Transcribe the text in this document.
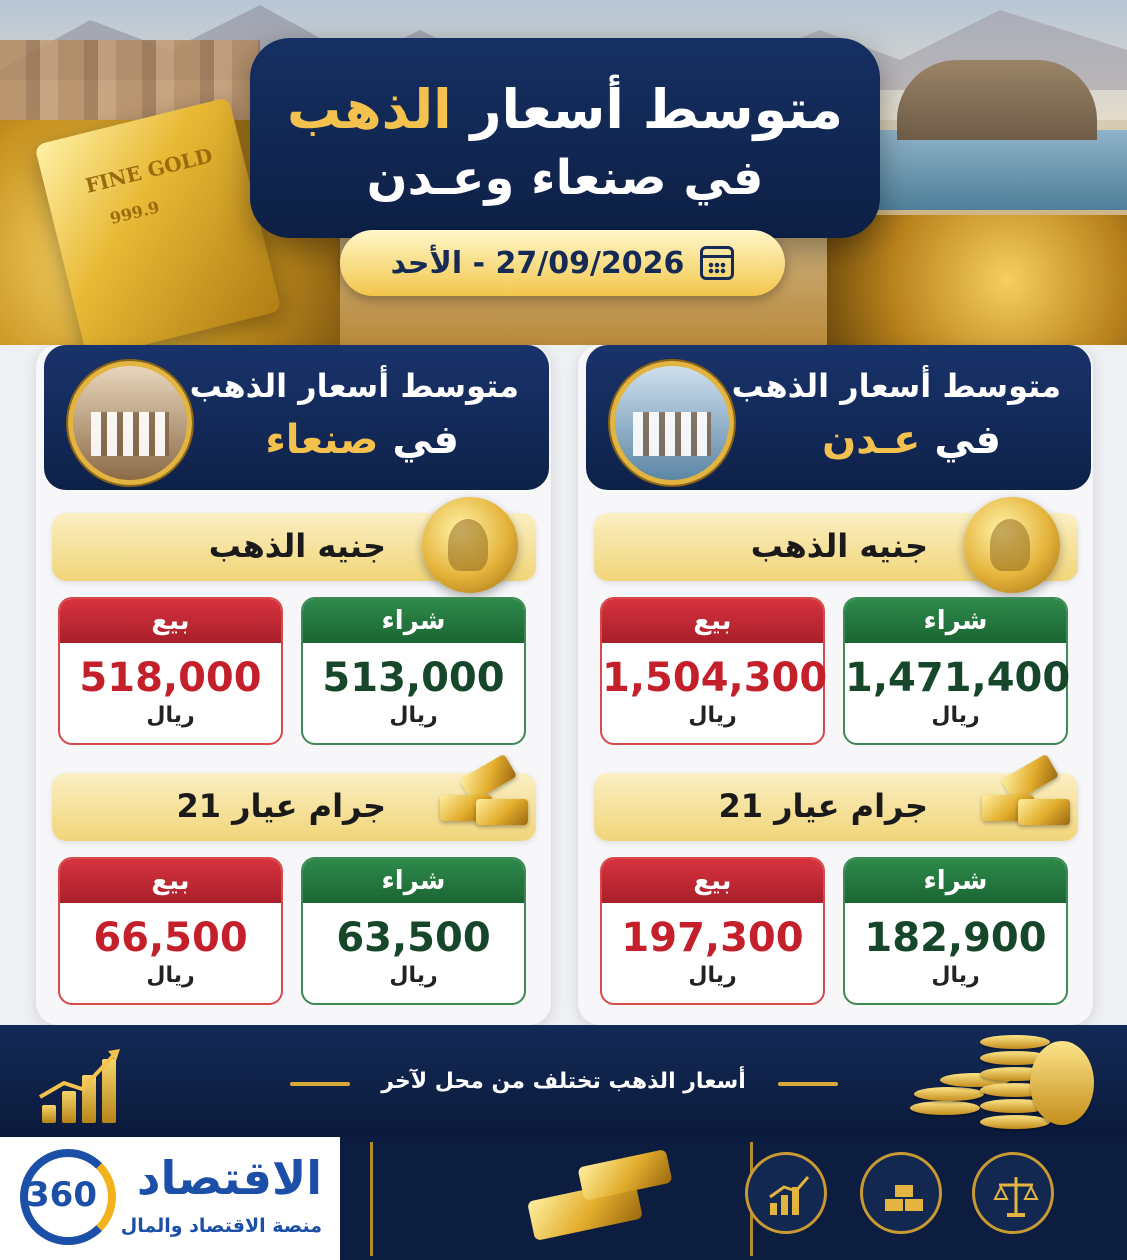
FINE GOLD
999.9
متوسط أسعار الذهب
في صنعاء وعـدن
27/09/2026 - الأحد
متوسط أسعار الذهب
في عـدن
جنيه الذهب
شراء
1,471,400
ريال
بيع
1,504,300
ريال
جرام عيار 21
شراء
182,900
ريال
بيع
197,300
ريال
متوسط أسعار الذهب
في صنعاء
جنيه الذهب
شراء
513,000
ريال
بيع
518,000
ريال
جرام عيار 21
شراء
63,500
ريال
بيع
66,500
ريال
أسعار الذهب تختلف من محل لآخر
360 الاقتصاد
منصة الاقتصاد والمال
